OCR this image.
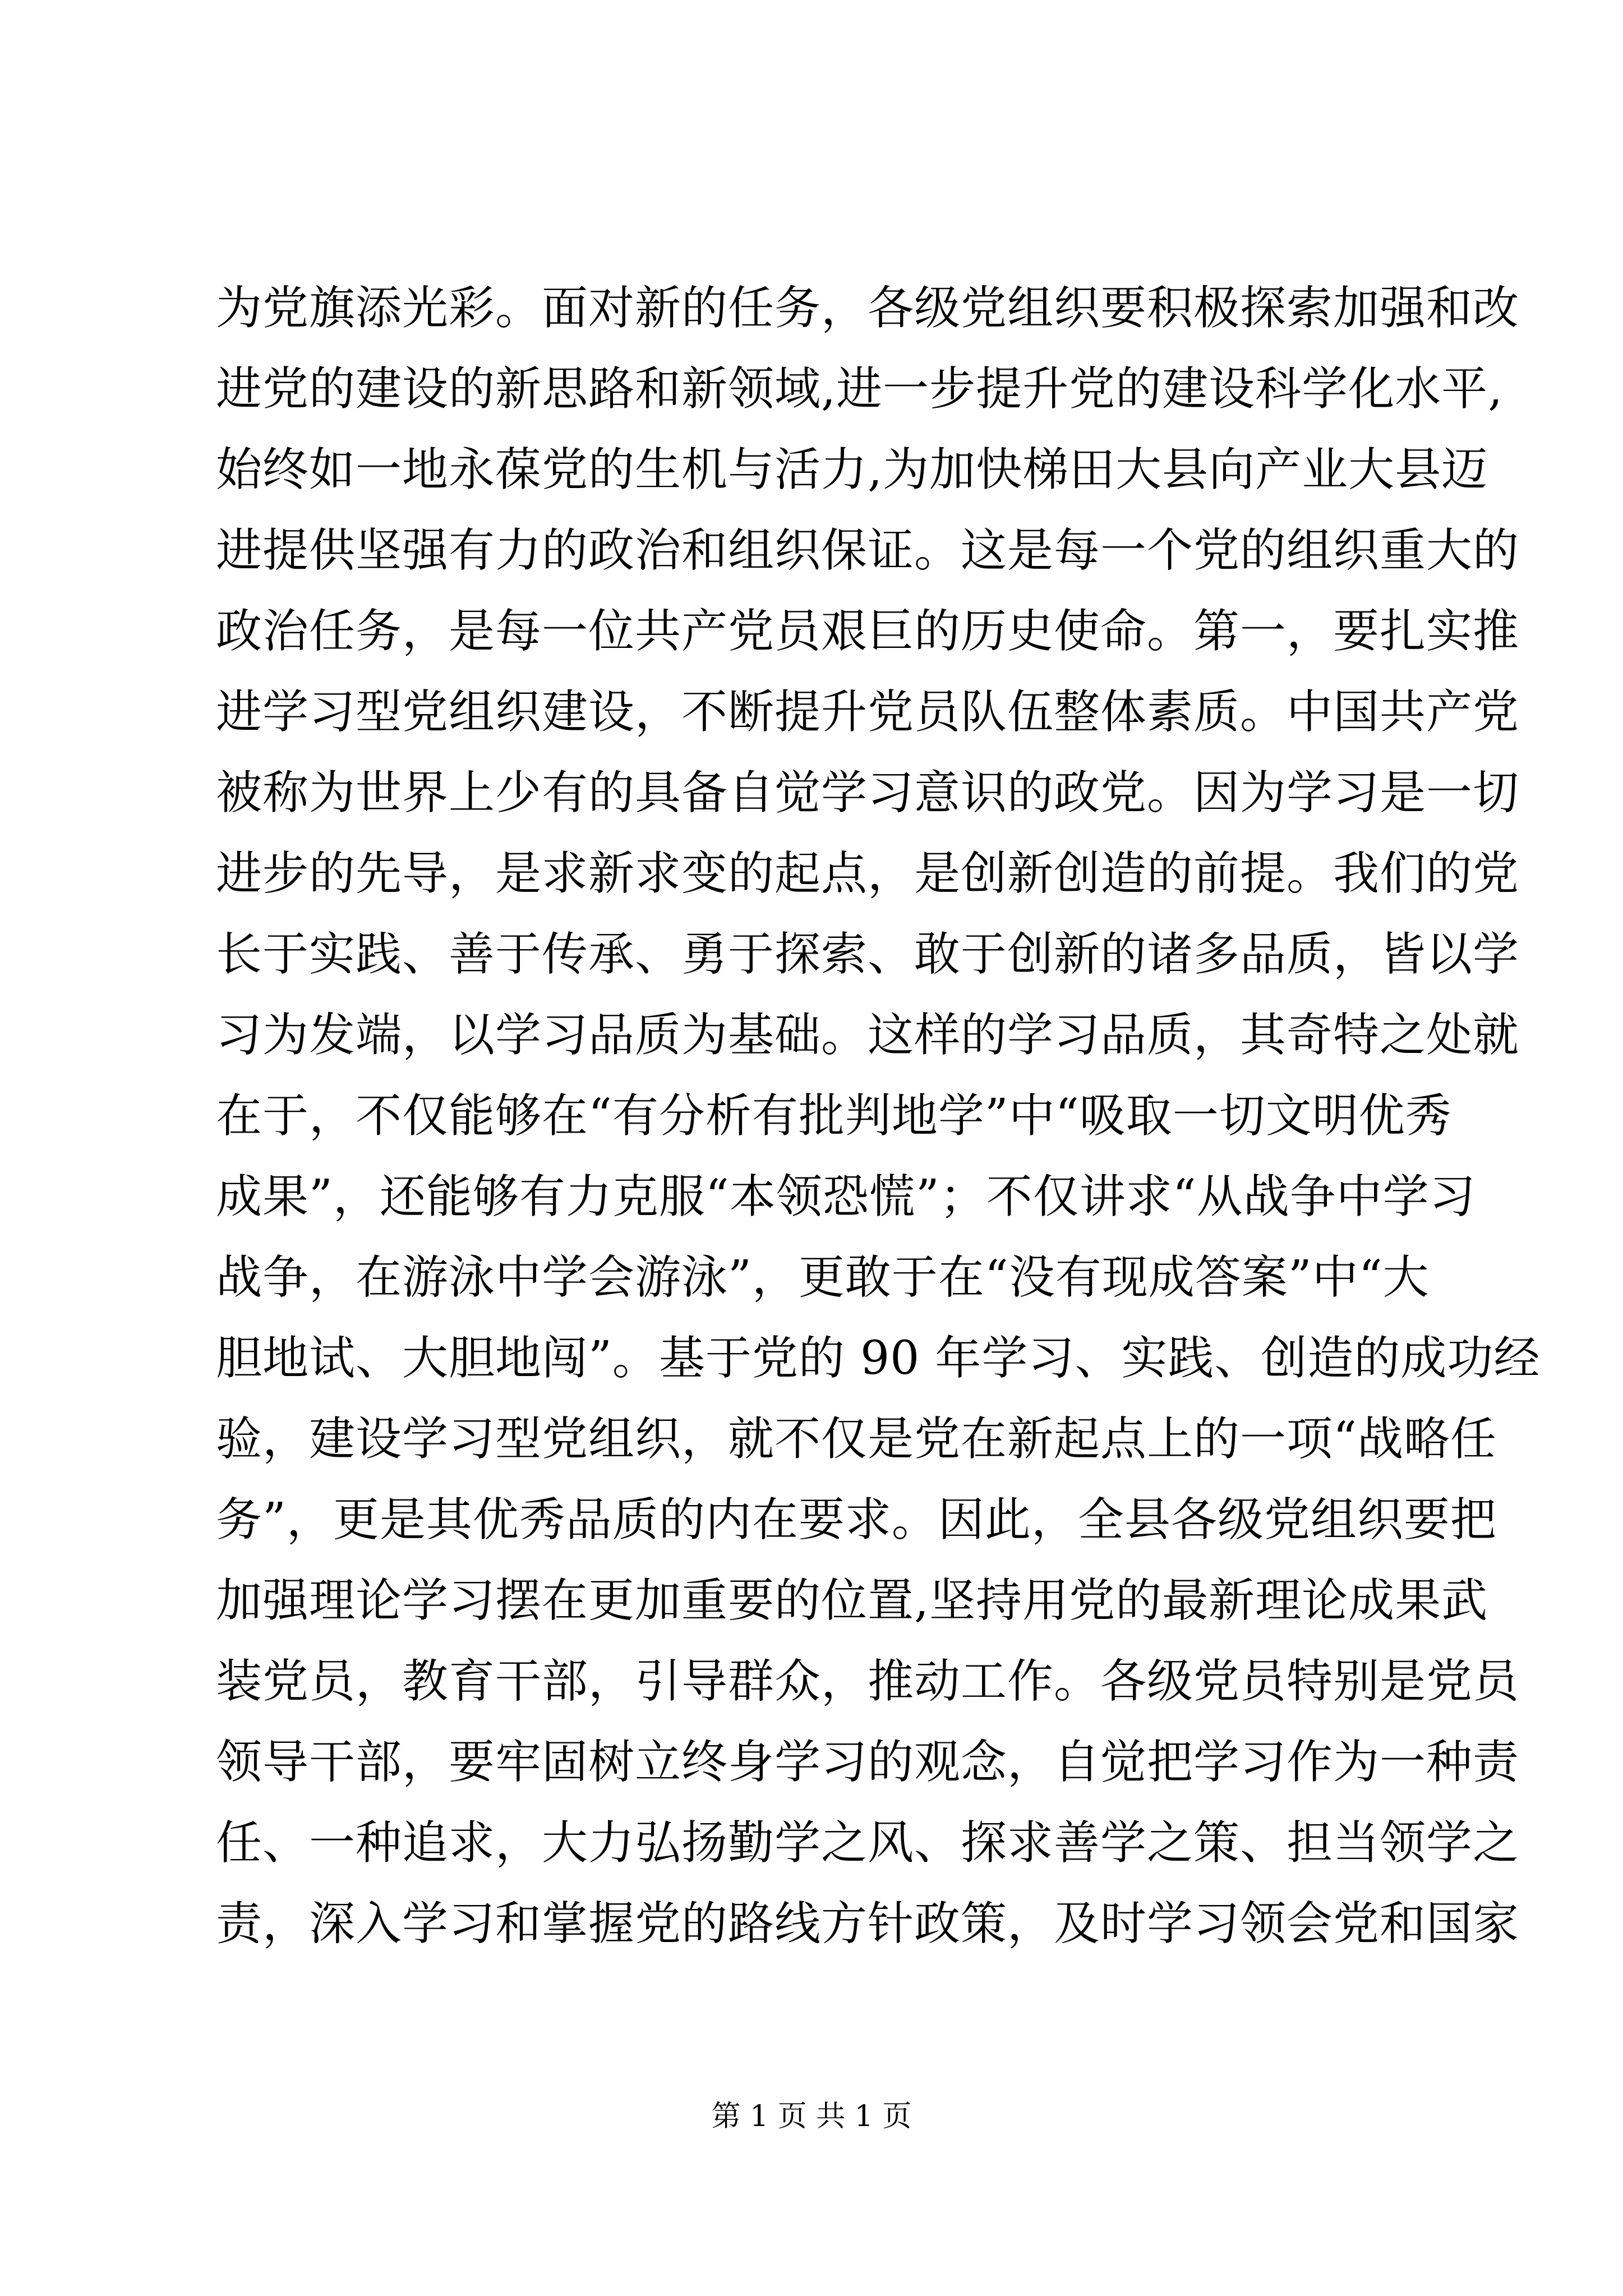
为党旗添光彩。面对新的任务，各级党组织要积极探索加强和改
进党的建设的新思路和新领域,进一步提升党的建设科学化水平,
始终如一地永葆党的生机与活力,为加快梯田大县向产业大县迈
进提供坚强有力的政治和组织保证。这是每一个党的组织重大的
政治任务，是每一位共产党员艰巨的历史使命。第一，要扎实推
进学习型党组织建设，不断提升党员队伍整体素质。中国共产党
被称为世界上少有的具备自觉学习意识的政党。因为学习是一切
进步的先导，是求新求变的起点，是创新创造的前提。我们的党
长于实践、善于传承、勇于探索、敢于创新的诸多品质，皆以学
习为发端，以学习品质为基础。这样的学习品质，其奇特之处就
在于，不仅能够在“有分析有批判地学”中“吸取一切文明优秀
成果”，还能够有力克服“本领恐慌”；不仅讲求“从战争中学习
战争，在游泳中学会游泳”，更敢于在“没有现成答案”中“大
胆地试、大胆地闯”。基于党的 90 年学习、实践、创造的成功经
验，建设学习型党组织，就不仅是党在新起点上的一项“战略任
务”，更是其优秀品质的内在要求。因此，全县各级党组织要把
加强理论学习摆在更加重要的位置,坚持用党的最新理论成果武
装党员，教育干部，引导群众，推动工作。各级党员特别是党员
领导干部，要牢固树立终身学习的观念，自觉把学习作为一种责
任、一种追求，大力弘扬勤学之风、探求善学之策、担当领学之
责，深入学习和掌握党的路线方针政策，及时学习领会党和国家
第 1 页 共 1 页
